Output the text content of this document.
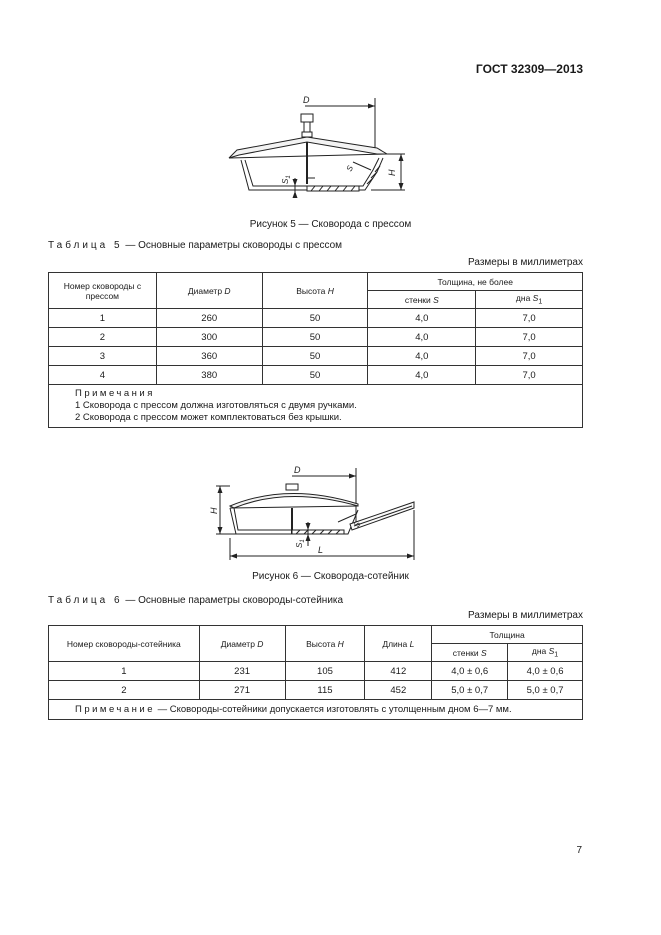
ГОСТ 32309—2013
D
H
S
$S_1$
Рисунок 5 — Сковорода с прессом
Таблица 5 — Основные параметры сковороды с прессом
Размеры в миллиметрах
Номер сковороды с прессом	Диаметр D	Высота H	Толщина, не более	
			стенки S	дна $S_1$
1	260	50	4,0	7,0
2	300	50	4,0	7,0
3	360	50	4,0	7,0
4	380	50	4,0	7,0

Примечания
1 Сковорода с прессом должна изготовляться с двумя ручками.
2 Сковорода с прессом может комплектоваться без крышки.				
D
H
L
S
$S_1$
Рисунок 6 — Сковорода-сотейник
Таблица 6 — Основные параметры сковороды-сотейника
Размеры в миллиметрах
Номер сковороды-сотейника	Диаметр D	Высота H	Длина L	Толщина	
				стенки S	дна $S_1$
1	231	105	412	4,0 ± 0,6	4,0 ± 0,6
2	271	115	452	5,0 ± 0,7	5,0 ± 0,7
Примечание — Сковороды-сотейники допускается изготовлять с утолщенным дном 6—7 мм.					
7
